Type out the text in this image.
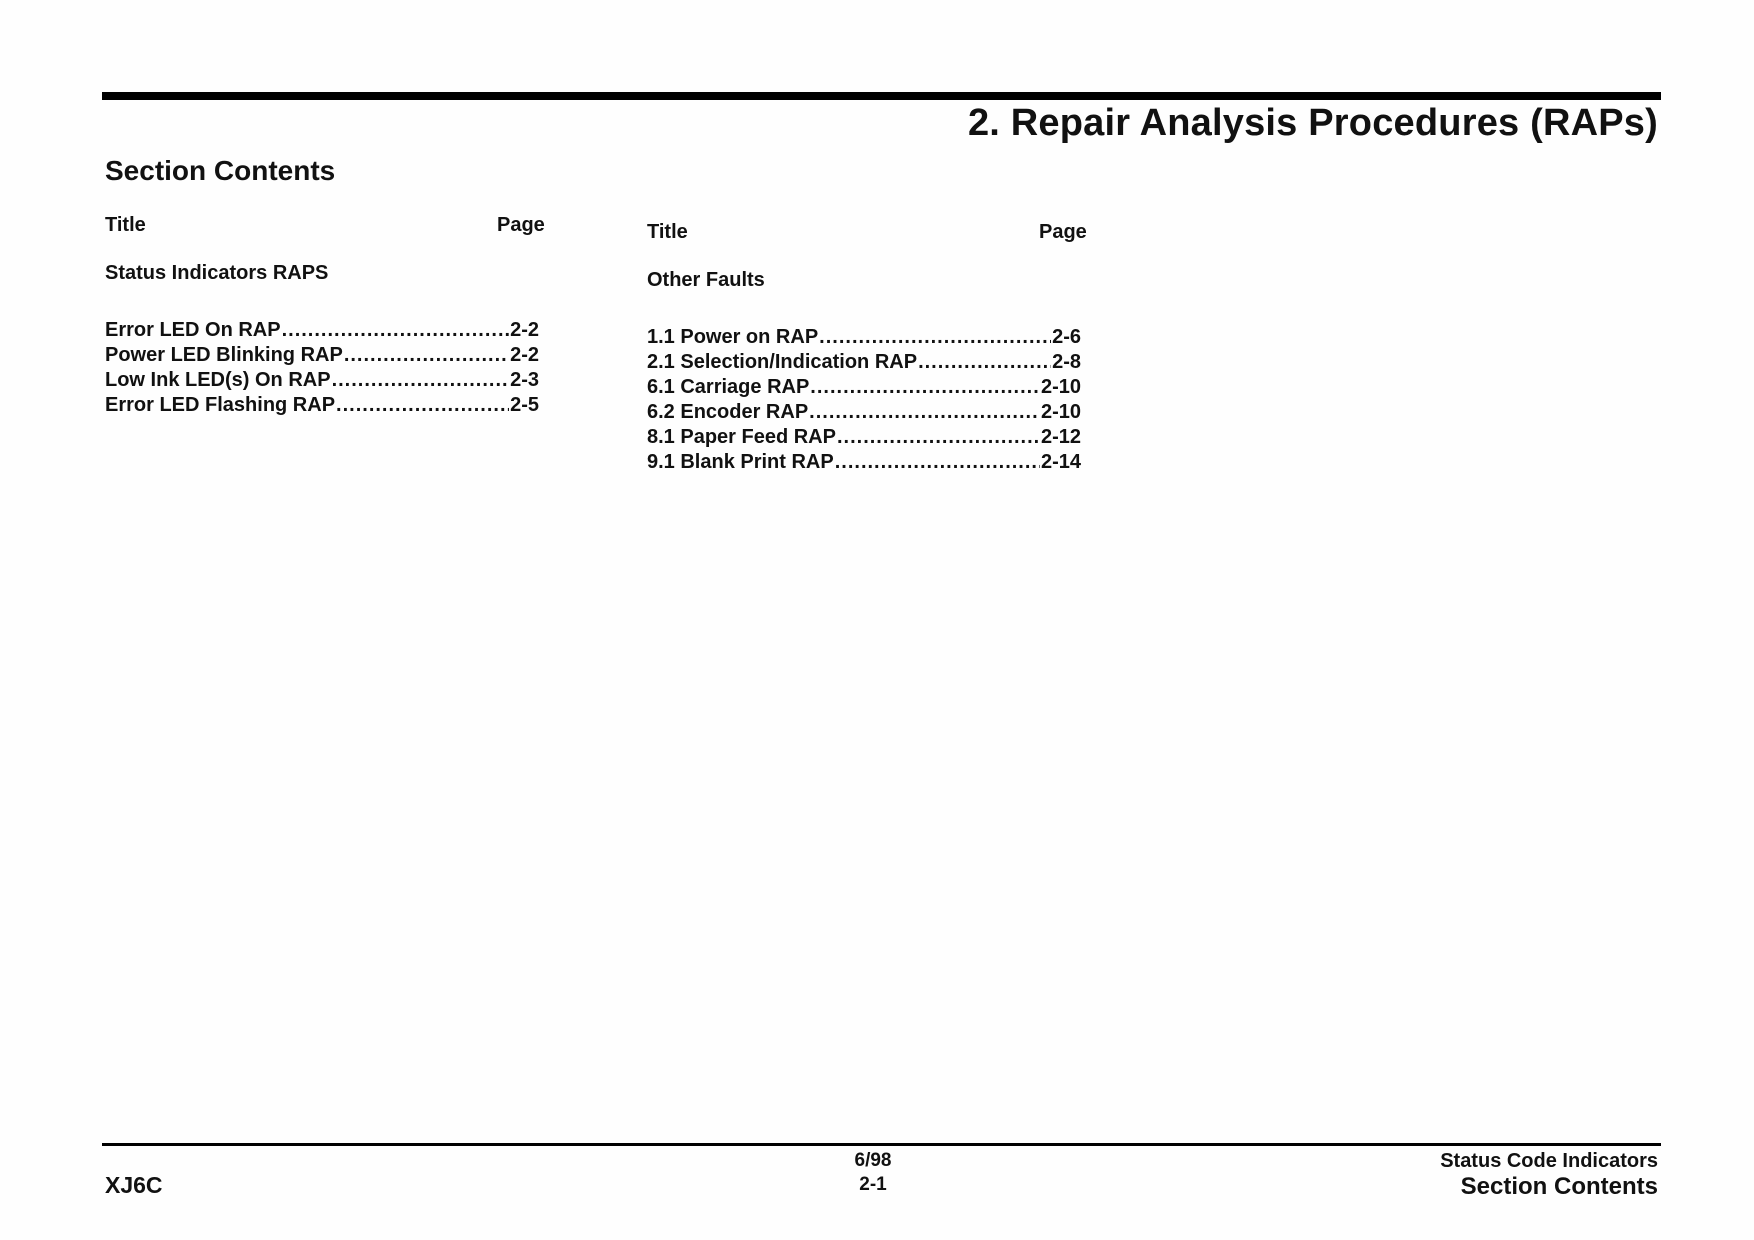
2. Repair Analysis Procedures (RAPs)
Section Contents
Title	Page
Status Indicators RAPS
Error LED On RAP .....	2-2
Power LED Blinking RAP .....	2-2
Low Ink LED(s) On RAP .....	2-3
Error LED Flashing RAP .....	2-5
Title	Page
Other Faults
1.1 Power on RAP .....	2-6
2.1 Selection/Indication RAP .....	2-8
6.1 Carriage RAP .....	2-10
6.2 Encoder RAP .....	2-10
8.1 Paper Feed RAP .....	2-12
9.1 Blank Print RAP .....	2-14
XJ6C
6/98
2-1
Status Code Indicators
Section Contents
